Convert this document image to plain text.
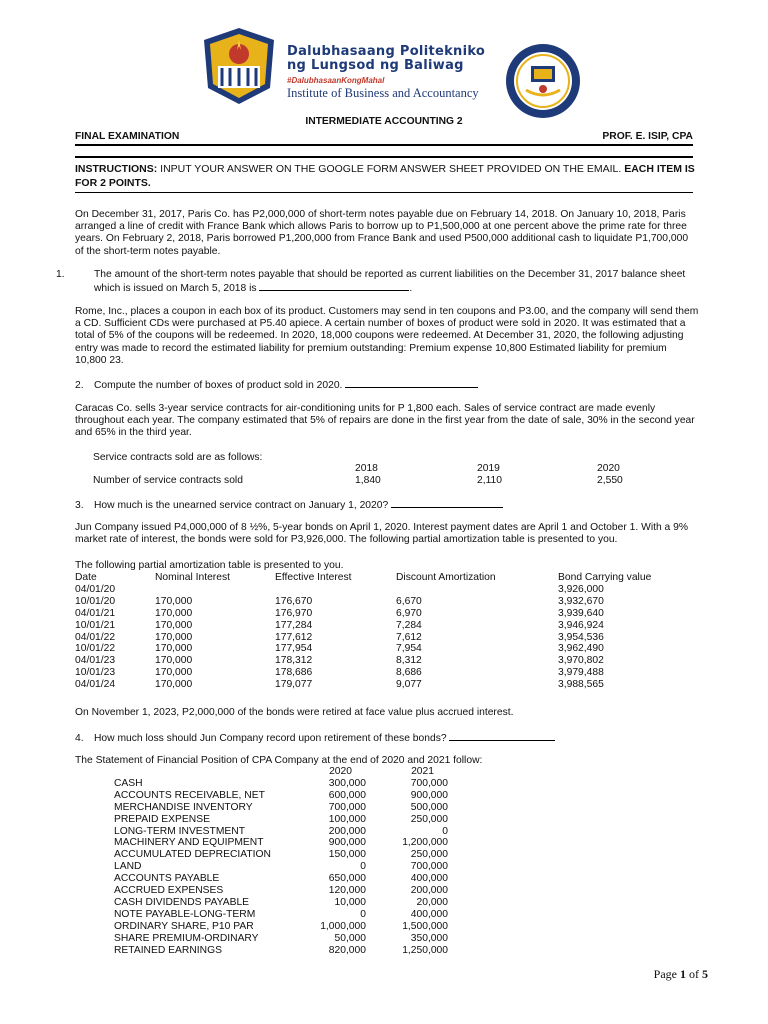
Dalubhasaang Politekniko
ng Lungsod ng Baliwag
#DalubhasaanKongMahal
Institute of Business and Accountancy
INTERMEDIATE ACCOUNTING 2
FINAL EXAMINATION	PROF. E. ISIP, CPA
INSTRUCTIONS: INPUT YOUR ANSWER ON THE GOOGLE FORM ANSWER SHEET PROVIDED ON THE EMAIL. EACH ITEM IS FOR 2 POINTS.
On December 31, 2017, Paris Co. has P2,000,000 of short-term notes payable due on February 14, 2018. On January 10, 2018, Paris arranged a line of credit with France Bank which allows Paris to borrow up to P1,500,000 at one percent above the prime rate for three years. On February 2, 2018, Paris borrowed P1,200,000 from France Bank and used P500,000 additional cash to liquidate P1,700,000 of the short-term notes payable.
1.	The amount of the short-term notes payable that should be reported as current liabilities on the December 31, 2017 balance sheet which is issued on March 5, 2018 is	.
Rome, Inc., places a coupon in each box of its product. Customers may send in ten coupons and P3.00, and the company will send them a CD. Sufficient CDs were purchased at P5.40 apiece. A certain number of boxes of product were sold in 2020. It was estimated that a total of 5% of the coupons will be redeemed. In 2020, 18,000 coupons were redeemed. At December 31, 2020, the following adjusting entry was made to record the estimated liability for premium outstanding: Premium expense 10,800 Estimated liability for premium 10,800 23.
2. Compute the number of boxes of product sold in 2020.
Caracas Co. sells 3-year service contracts for air-conditioning units for P 1,800 each. Sales of service contract are made evenly throughout each year. The company estimated that 5% of repairs are done in the first year from the date of sale, 30% in the second year and 65% in the third year.
Service contracts sold are as follows:
2018	2019	2020
Number of service contracts sold	1,840	2,110	2,550
3. How much is the unearned service contract on January 1, 2020?
Jun Company issued P4,000,000 of 8 ½%, 5-year bonds on April 1, 2020. Interest payment dates are April 1 and October 1. With a 9% market rate of interest, the bonds were sold for P3,926,000. The following partial amortization table is presented to you.
The following partial amortization table is presented to you.
Date	Nominal Interest	Effective Interest	Discount Amortization	Bond Carrying value
04/01/20				3,926,000
10/01/20	170,000	176,670	6,670	3,932,670
04/01/21	170,000	176,970	6,970	3,939,640
10/01/21	170,000	177,284	7,284	3,946,924
04/01/22	170,000	177,612	7,612	3,954,536
10/01/22	170,000	177,954	7,954	3,962,490
04/01/23	170,000	178,312	8,312	3,970,802
10/01/23	170,000	178,686	8,686	3,979,488
04/01/24	170,000	179,077	9,077	3,988,565
On November 1, 2023, P2,000,000 of the bonds were retired at face value plus accrued interest.
4. How much loss should Jun Company record upon retirement of these bonds?
The Statement of Financial Position of CPA Company at the end of 2020 and 2021 follow:
	2020	2021
CASH	300,000	700,000
ACCOUNTS RECEIVABLE, NET	600,000	900,000
MERCHANDISE INVENTORY	700,000	500,000
PREPAID EXPENSE	100,000	250,000
LONG-TERM INVESTMENT	200,000	0
MACHINERY AND EQUIPMENT	900,000	1,200,000
ACCUMULATED DEPRECIATION	150,000	250,000
LAND	0	700,000
ACCOUNTS PAYABLE	650,000	400,000
ACCRUED EXPENSES	120,000	200,000
CASH DIVIDENDS PAYABLE	10,000	20,000
NOTE PAYABLE-LONG-TERM	0	400,000
ORDINARY SHARE, P10 PAR	1,000,000	1,500,000
SHARE PREMIUM-ORDINARY	50,000	350,000
RETAINED EARNINGS	820,000	1,250,000
Page 1 of 5
